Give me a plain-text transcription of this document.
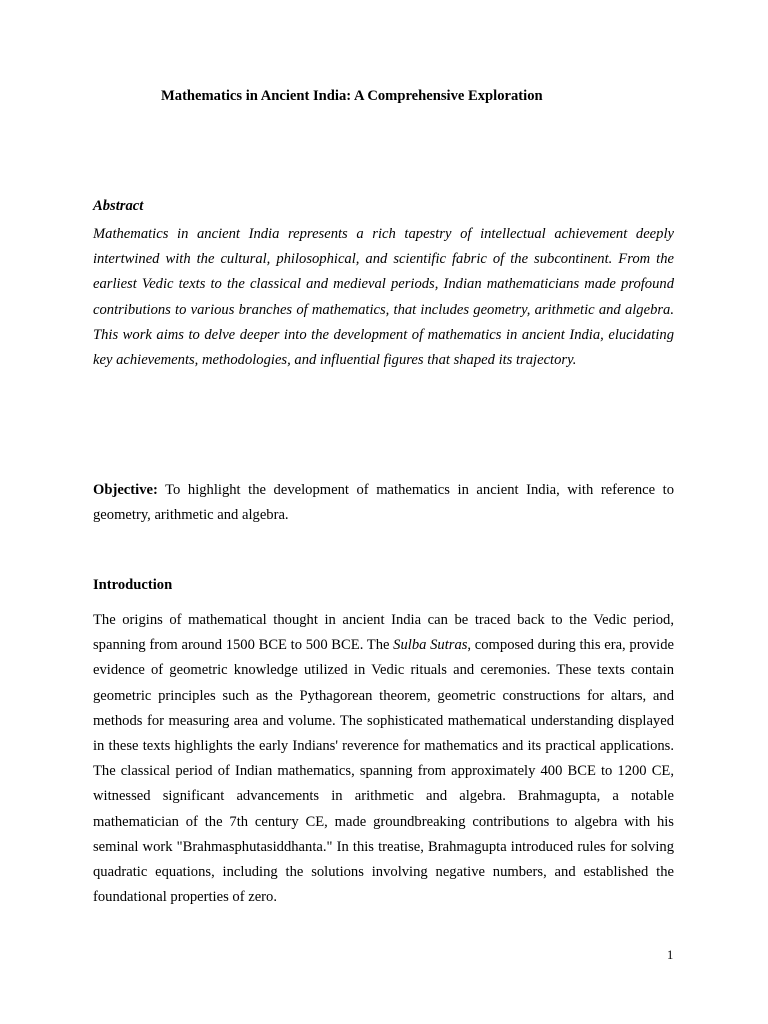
Mathematics in Ancient India: A Comprehensive Exploration
Abstract

Mathematics in ancient India represents a rich tapestry of intellectual achievement deeply intertwined with the cultural, philosophical, and scientific fabric of the subcontinent. From the earliest Vedic texts to the classical and medieval periods, Indian mathematicians made profound contributions to various branches of mathematics, that includes geometry, arithmetic and algebra. This work aims to delve deeper into the development of mathematics in ancient India, elucidating key achievements, methodologies, and influential figures that shaped its trajectory.

Objective: To highlight the development of mathematics in ancient India, with reference to geometry, arithmetic and algebra.

Introduction

The origins of mathematical thought in ancient India can be traced back to the Vedic period, spanning from around 1500 BCE to 500 BCE. The Sulba Sutras, composed during this era, provide evidence of geometric knowledge utilized in Vedic rituals and ceremonies. These texts contain geometric principles such as the Pythagorean theorem, geometric constructions for altars, and methods for measuring area and volume. The sophisticated mathematical understanding displayed in these texts highlights the early Indians' reverence for mathematics and its practical applications. The classical period of Indian mathematics, spanning from approximately 400 BCE to 1200 CE, witnessed significant advancements in arithmetic and algebra. Brahmagupta, a notable mathematician of the 7th century CE, made groundbreaking contributions to algebra with his seminal work "Brahmasphutasiddhanta." In this treatise, Brahmagupta introduced rules for solving quadratic equations, including the solutions involving negative numbers, and established the foundational properties of zero.

1
